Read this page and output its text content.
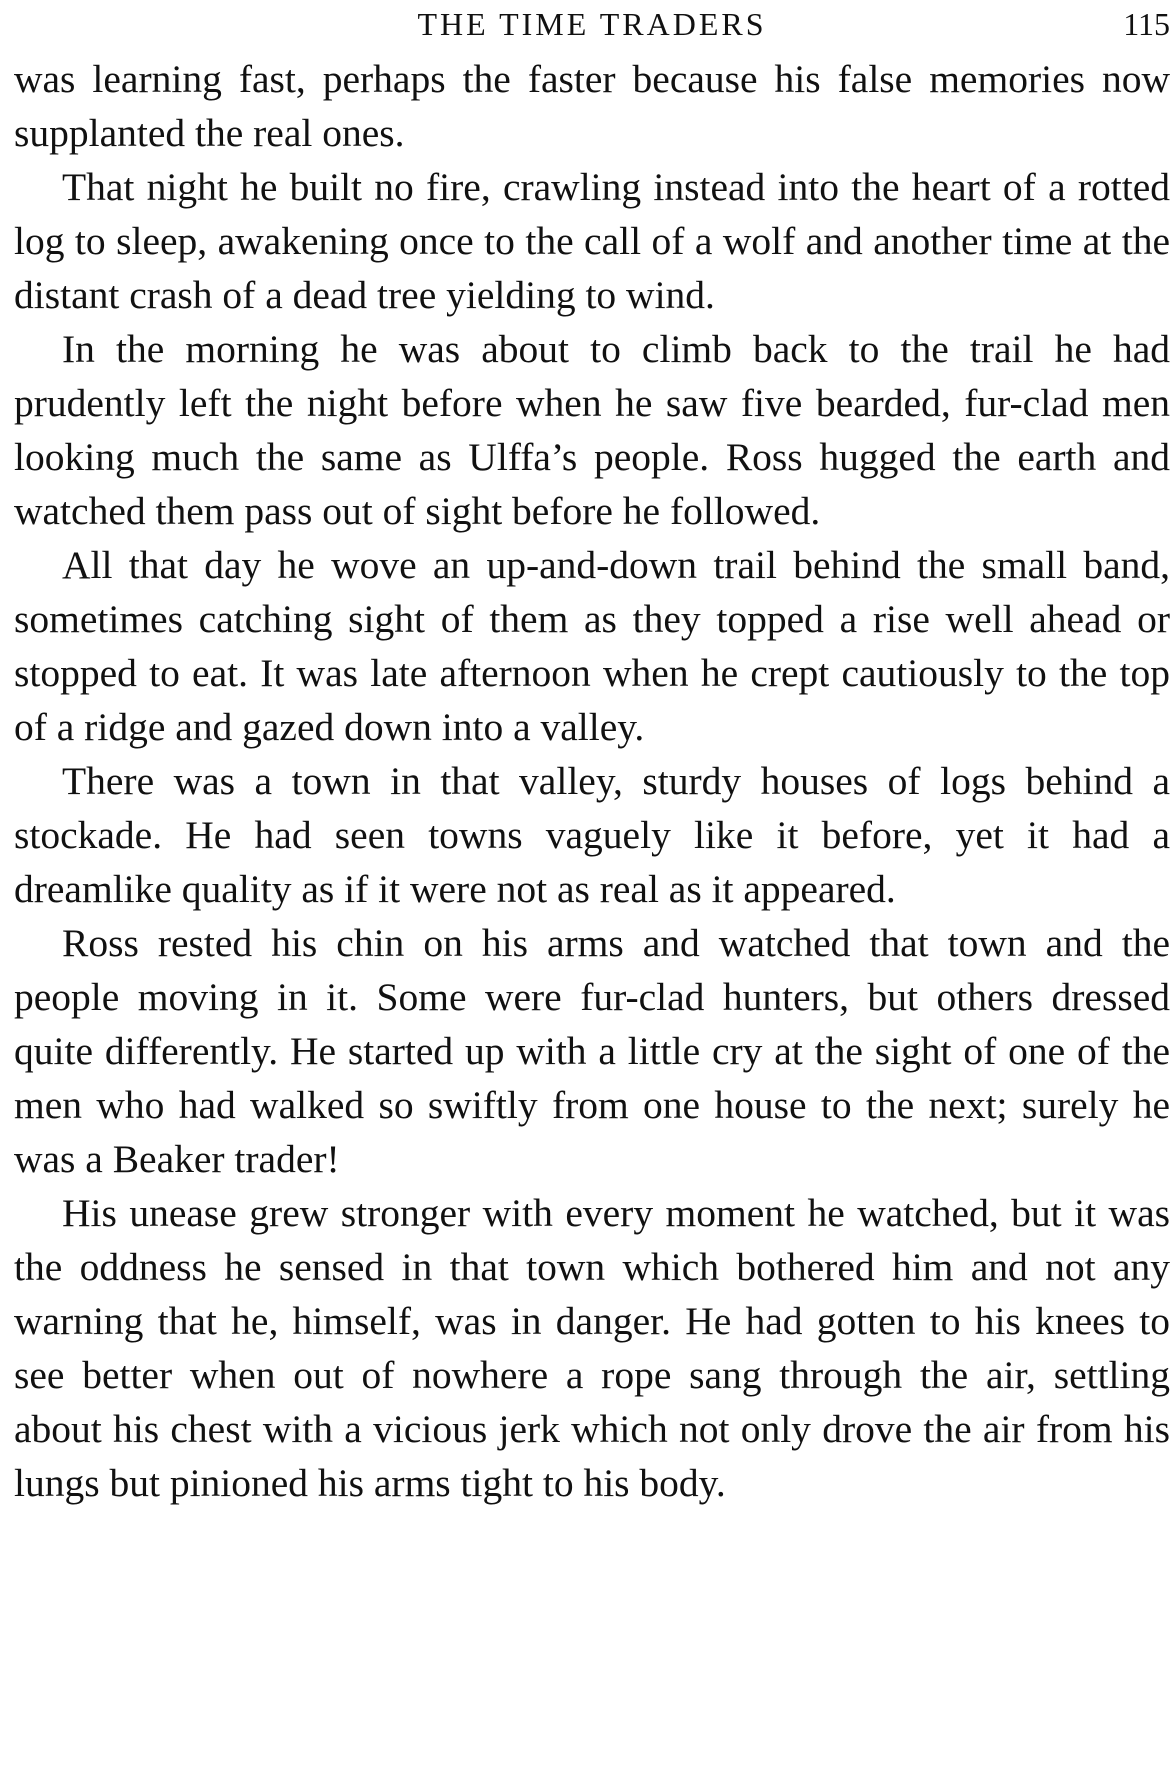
THE TIME TRADERS	115

was learning fast, perhaps the faster because his false memories now supplanted the real ones.

That night he built no fire, crawling instead into the heart of a rotted log to sleep, awakening once to the call of a wolf and another time at the distant crash of a dead tree yielding to wind.

In the morning he was about to climb back to the trail he had prudently left the night before when he saw five bearded, fur-clad men looking much the same as Ulffa’s people. Ross hugged the earth and watched them pass out of sight before he followed.

All that day he wove an up-and-down trail behind the small band, sometimes catching sight of them as they topped a rise well ahead or stopped to eat. It was late afternoon when he crept cautiously to the top of a ridge and gazed down into a valley.

There was a town in that valley, sturdy houses of logs behind a stockade. He had seen towns vaguely like it before, yet it had a dreamlike quality as if it were not as real as it appeared.

Ross rested his chin on his arms and watched that town and the people moving in it. Some were fur-clad hunters, but others dressed quite differently. He started up with a little cry at the sight of one of the men who had walked so swiftly from one house to the next; surely he was a Beaker trader!

His unease grew stronger with every moment he watched, but it was the oddness he sensed in that town which bothered him and not any warning that he, himself, was in danger. He had gotten to his knees to see better when out of nowhere a rope sang through the air, settling about his chest with a vicious jerk which not only drove the air from his lungs but pinioned his arms tight to his body.
